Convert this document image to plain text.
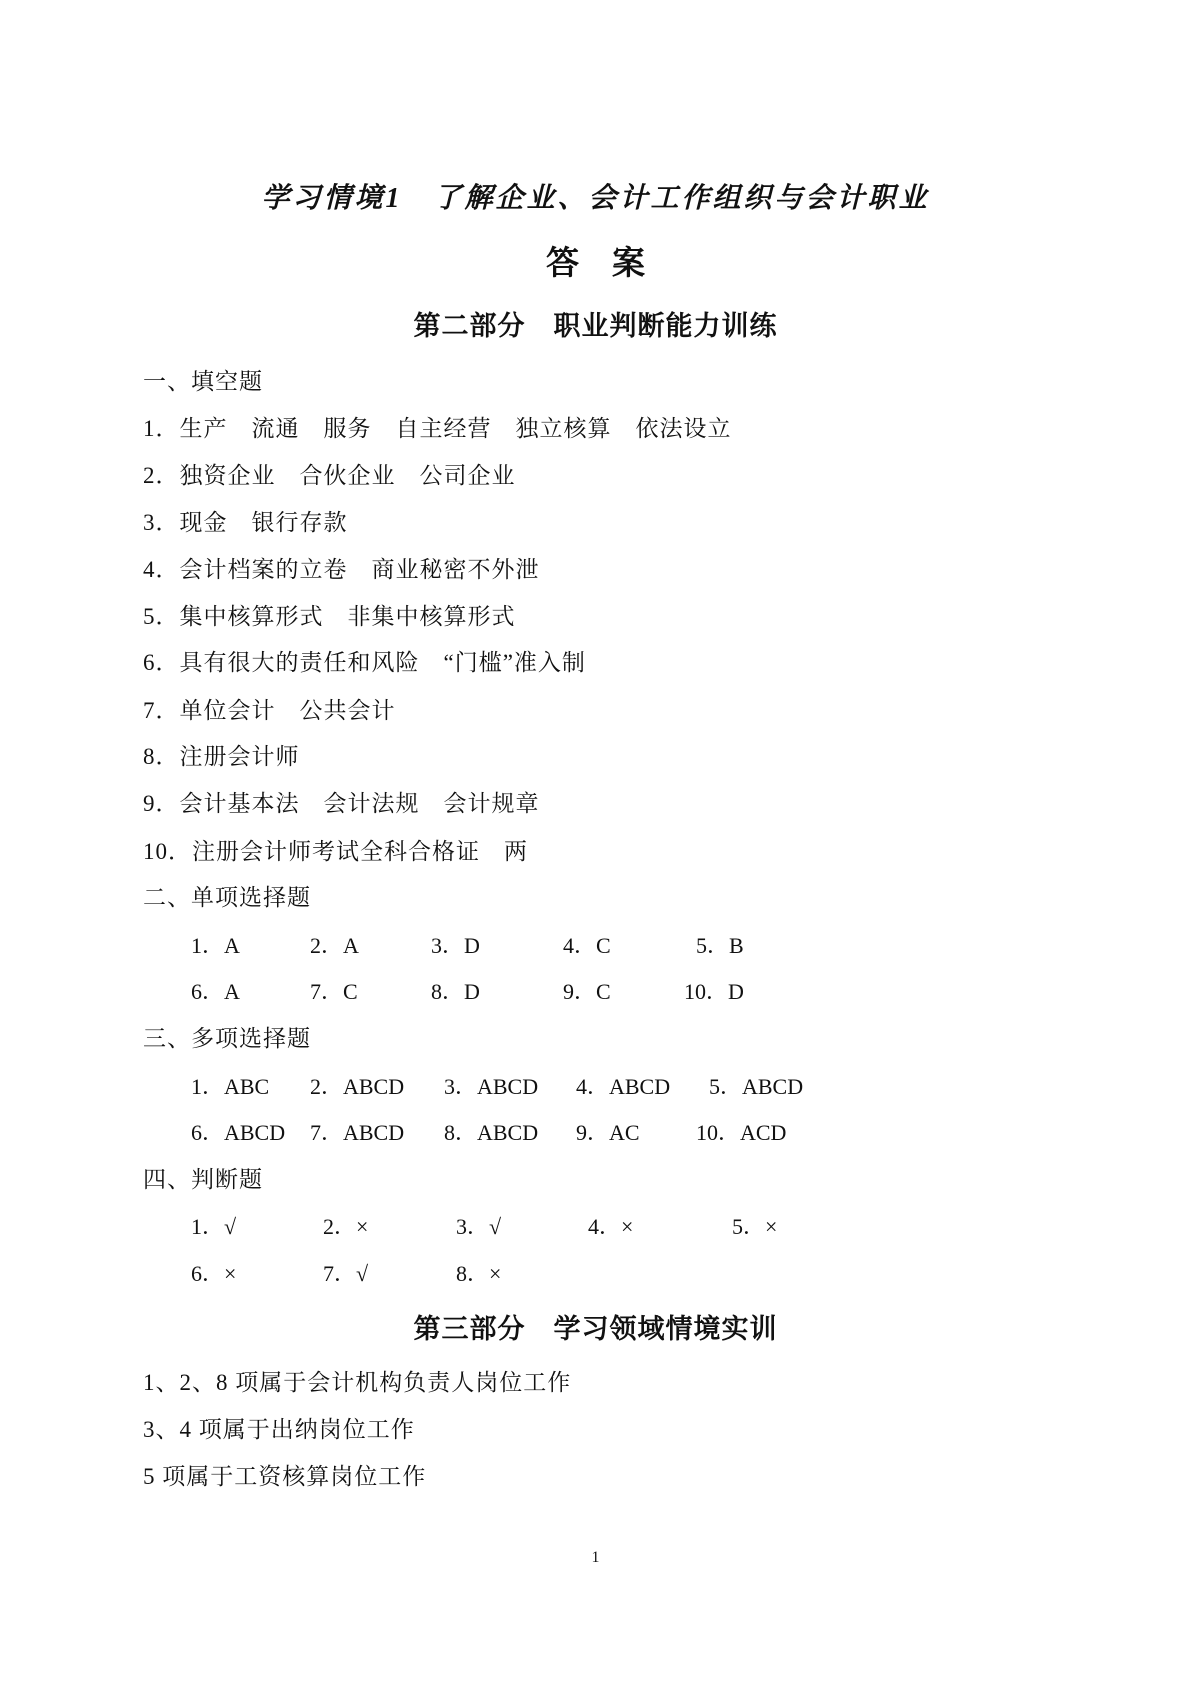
学习情境1　了解企业、会计工作组织与会计职业
答　案
第二部分　职业判断能力训练
一、填空题
1．生产　流通　服务　自主经营　独立核算　依法设立
2．独资企业　合伙企业　公司企业
3．现金　银行存款
4．会计档案的立卷　商业秘密不外泄
5．集中核算形式　非集中核算形式
6．具有很大的责任和风险　“门槛”准入制
7．单位会计　公共会计
8．注册会计师
9．会计基本法　会计法规　会计规章
10．注册会计师考试全科合格证　两
二、单项选择题
1．A	2．A	3．D	4．C	5．B
6．A	7．C	8．D	9．C	10．D
三、多项选择题
1．ABC 2．ABCD 3．ABCD 4．ABCD 5．ABCD
6．ABCD 7．ABCD 8．ABCD 9．AC	10．ACD
四、判断题
1．√	2．×	3．√	4．×	5．×
6．×	7．√	8．×
第三部分　学习领域情境实训
1、2、8 项属于会计机构负责人岗位工作
3、4 项属于出纳岗位工作
5 项属于工资核算岗位工作
1
